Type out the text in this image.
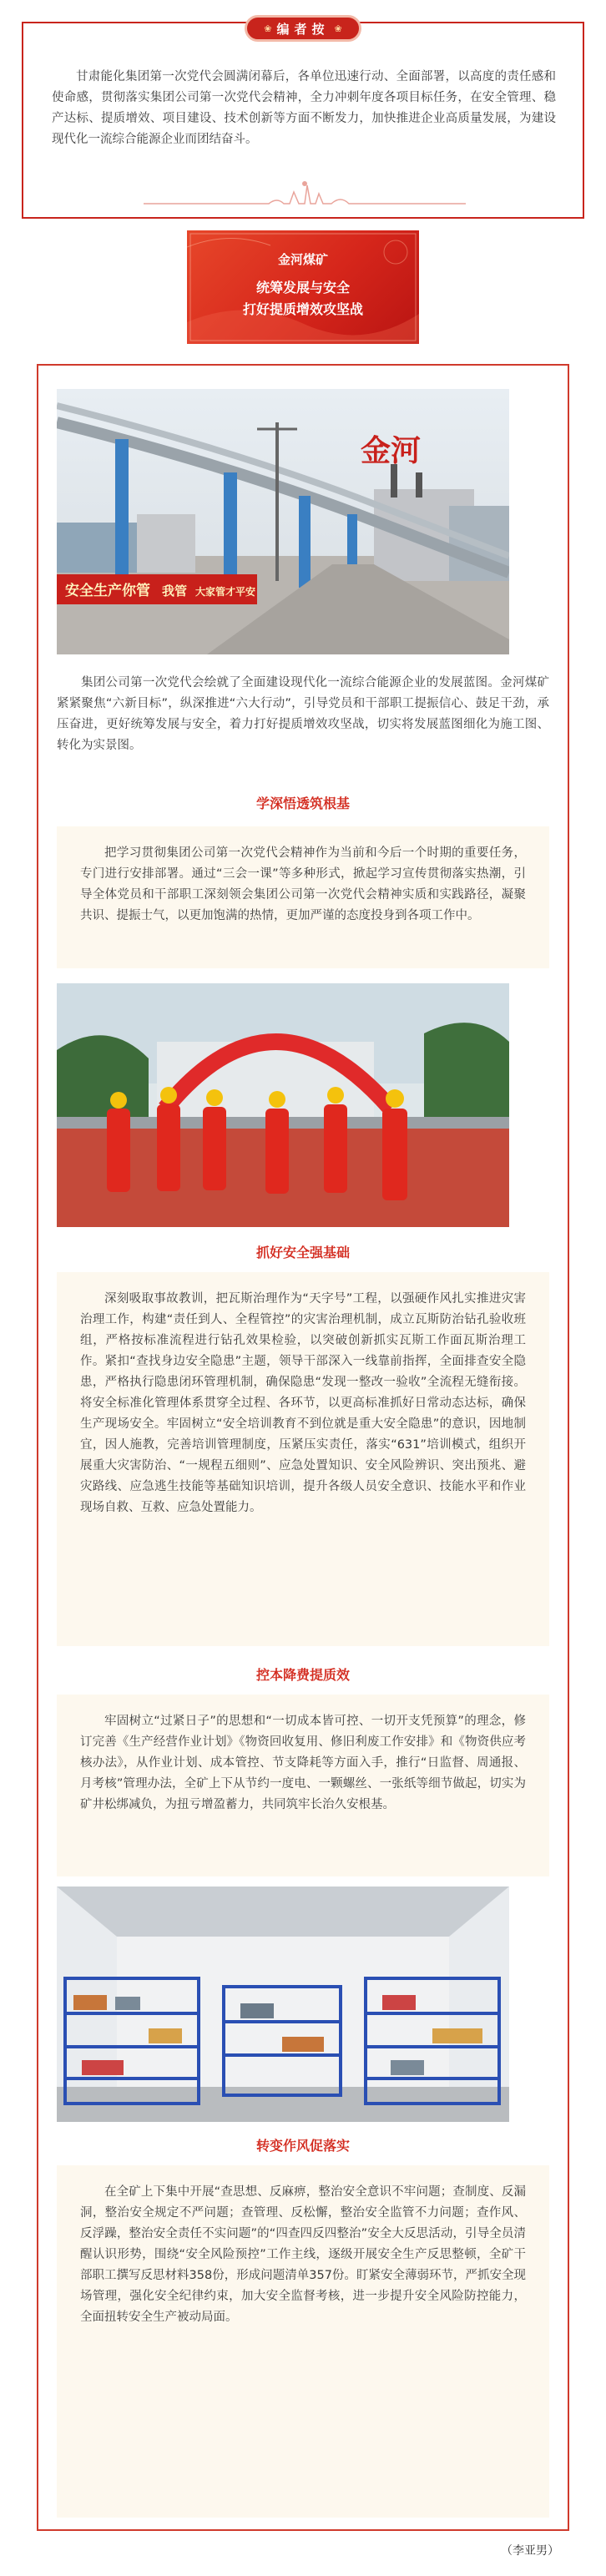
❀ 编者按 ❀
甘肃能化集团第一次党代会圆满闭幕后，各单位迅速行动、全面部署，以高度的责任感和使命感，贯彻落实集团公司第一次党代会精神，全力冲刺年度各项目标任务，在安全管理、稳产达标、提质增效、项目建设、技术创新等方面不断发力，加快推进企业高质量发展，为建设现代化一流综合能源企业而团结奋斗。
金河煤矿
统筹发展与安全
打好提质增效攻坚战
安全生产你管 我管 大家管才平安
金河
集团公司第一次党代会绘就了全面建设现代化一流综合能源企业的发展蓝图。金河煤矿紧紧聚焦“六新目标”，纵深推进“六大行动”，引导党员和干部职工提振信心、鼓足干劲，承压奋进，更好统筹发展与安全，着力打好提质增效攻坚战，切实将发展蓝图细化为施工图、转化为实景图。
学深悟透筑根基
把学习贯彻集团公司第一次党代会精神作为当前和今后一个时期的重要任务，专门进行安排部署。通过“三会一课”等多种形式，掀起学习宣传贯彻落实热潮，引导全体党员和干部职工深刻领会集团公司第一次党代会精神实质和实践路径，凝聚共识、提振士气，以更加饱满的热情，更加严谨的态度投身到各项工作中。
抓好安全强基础
深刻吸取事故教训，把瓦斯治理作为“天字号”工程，以强硬作风扎实推进灾害治理工作，构建“责任到人、全程管控”的灾害治理机制，成立瓦斯防治钻孔验收班组，严格按标准流程进行钻孔效果检验，以突破创新抓实瓦斯工作面瓦斯治理工作。紧扣“查找身边安全隐患”主题，领导干部深入一线靠前指挥，全面排查安全隐患，严格执行隐患闭环管理机制，确保隐患“发现一整改一验收”全流程无缝衔接。将安全标准化管理体系贯穿全过程、各环节，以更高标准抓好日常动态达标，确保生产现场安全。牢固树立“安全培训教育不到位就是重大安全隐患”的意识，因地制宜，因人施教，完善培训管理制度，压紧压实责任，落实“631”培训模式，组织开展重大灾害防治、“一规程五细则”、应急处置知识、安全风险辨识、突出预兆、避灾路线、应急逃生技能等基础知识培训，提升各级人员安全意识、技能水平和作业现场自救、互救、应急处置能力。
控本降费提质效
牢固树立“过紧日子”的思想和“一切成本皆可控、一切开支凭预算”的理念，修订完善《生产经营作业计划》《物资回收复用、修旧利废工作安排》和《物资供应考核办法》，从作业计划、成本管控、节支降耗等方面入手，推行“日监督、周通报、月考核”管理办法，全矿上下从节约一度电、一颗螺丝、一张纸等细节做起，切实为矿井松绑减负，为扭亏增盈蓄力，共同筑牢长治久安根基。
转变作风促落实
在全矿上下集中开展“查思想、反麻痹，整治安全意识不牢问题；查制度、反漏洞，整治安全规定不严问题；查管理、反松懈，整治安全监管不力问题；查作风、反浮躁，整治安全责任不实问题”的“四查四反四整治”安全大反思活动，引导全员清醒认识形势，围绕“安全风险预控”工作主线，逐级开展安全生产反思整顿，全矿干部职工撰写反思材料358份，形成问题清单357份。盯紧安全薄弱环节，严抓安全现场管理，强化安全纪律约束，加大安全监督考核，进一步提升安全风险防控能力，全面扭转安全生产被动局面。
（李亚男）
